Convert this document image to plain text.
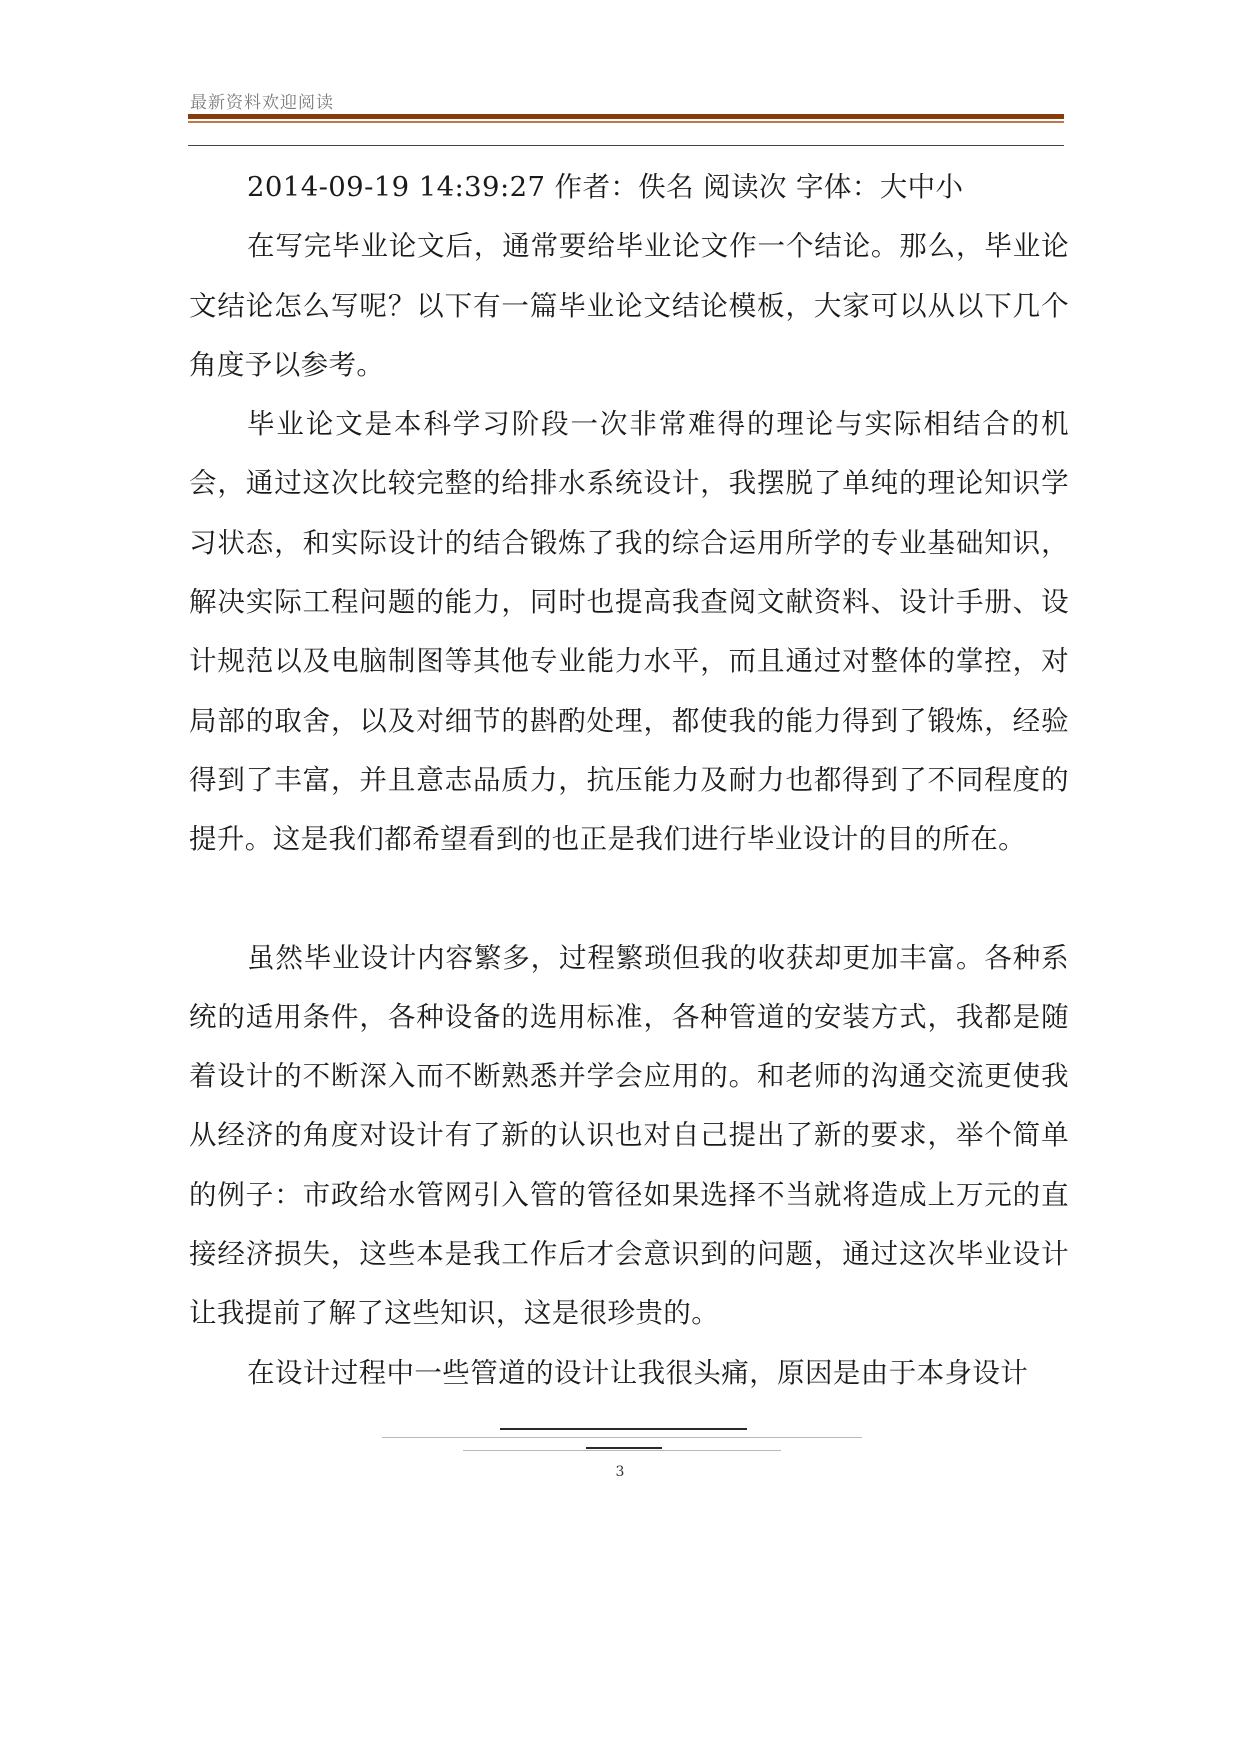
最新资料欢迎阅读

2014-09-19 14:39:27 作者：佚名 阅读次 字体：大中小

在写完毕业论文后，通常要给毕业论文作一个结论。那么，毕业论文结论怎么写呢？以下有一篇毕业论文结论模板，大家可以从以下几个角度予以参考。

毕业论文是本科学习阶段一次非常难得的理论与实际相结合的机会，通过这次比较完整的给排水系统设计，我摆脱了单纯的理论知识学习状态，和实际设计的结合锻炼了我的综合运用所学的专业基础知识，解决实际工程问题的能力，同时也提高我查阅文献资料、设计手册、设计规范以及电脑制图等其他专业能力水平，而且通过对整体的掌控，对局部的取舍，以及对细节的斟酌处理，都使我的能力得到了锻炼，经验得到了丰富，并且意志品质力，抗压能力及耐力也都得到了不同程度的提升。这是我们都希望看到的也正是我们进行毕业设计的目的所在。

虽然毕业设计内容繁多，过程繁琐但我的收获却更加丰富。各种系统的适用条件，各种设备的选用标准，各种管道的安装方式，我都是随着设计的不断深入而不断熟悉并学会应用的。和老师的沟通交流更使我从经济的角度对设计有了新的认识也对自己提出了新的要求，举个简单的例子：市政给水管网引入管的管径如果选择不当就将造成上万元的直接经济损失，这些本是我工作后才会意识到的问题，通过这次毕业设计让我提前了解了这些知识，这是很珍贵的。

在设计过程中一些管道的设计让我很头痛，原因是由于本身设计

3
